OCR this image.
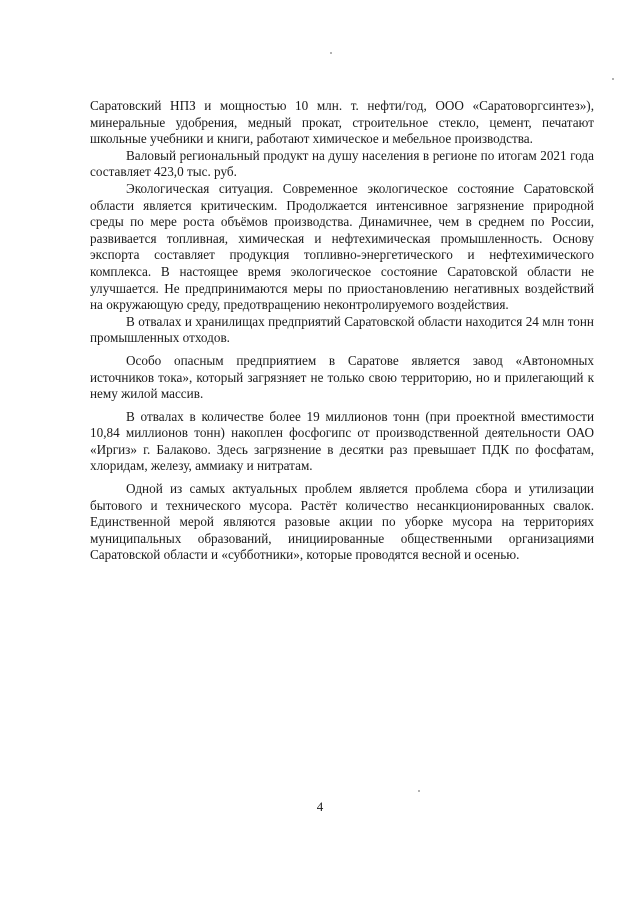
Саратовский НПЗ и мощностью 10 млн. т. нефти/год, ООО «Саратоворгсинтез»), минеральные удобрения, медный прокат, строительное стекло, цемент, печатают школьные учебники и книги, работают химическое и мебельное производства.

Валовый региональный продукт на душу населения в регионе по итогам 2021 года составляет 423,0 тыс. руб.

Экологическая ситуация. Современное экологическое состояние Саратовской области является критическим. Продолжается интенсивное загрязнение природной среды по мере роста объёмов производства. Динамичнее, чем в среднем по России, развивается топливная, химическая и нефтехимическая промышленность. Основу экспорта составляет продукция топливно-энергетического и нефтехимического комплекса. В настоящее время экологическое состояние Саратовской области не улучшается. Не предпринимаются меры по приостановлению негативных воздействий на окружающую среду, предотвращению неконтролируемого воздействия.

В отвалах и хранилищах предприятий Саратовской области находится 24 млн тонн промышленных отходов.

Особо опасным предприятием в Саратове является завод «Автономных источников тока», который загрязняет не только свою территорию, но и прилегающий к нему жилой массив.

В отвалах в количестве более 19 миллионов тонн (при проектной вместимости 10,84 миллионов тонн) накоплен фосфогипс от производственной деятельности ОАО «Иргиз» г. Балаково. Здесь загрязнение в десятки раз превышает ПДК по фосфатам, хлоридам, железу, аммиаку и нитратам.

Одной из самых актуальных проблем является проблема сбора и утилизации бытового и технического мусора. Растёт количество несанкционированных свалок. Единственной мерой являются разовые акции по уборке мусора на территориях муниципальных образований, инициированные общественными организациями Саратовской области и «субботники», которые проводятся весной и осенью.

4
